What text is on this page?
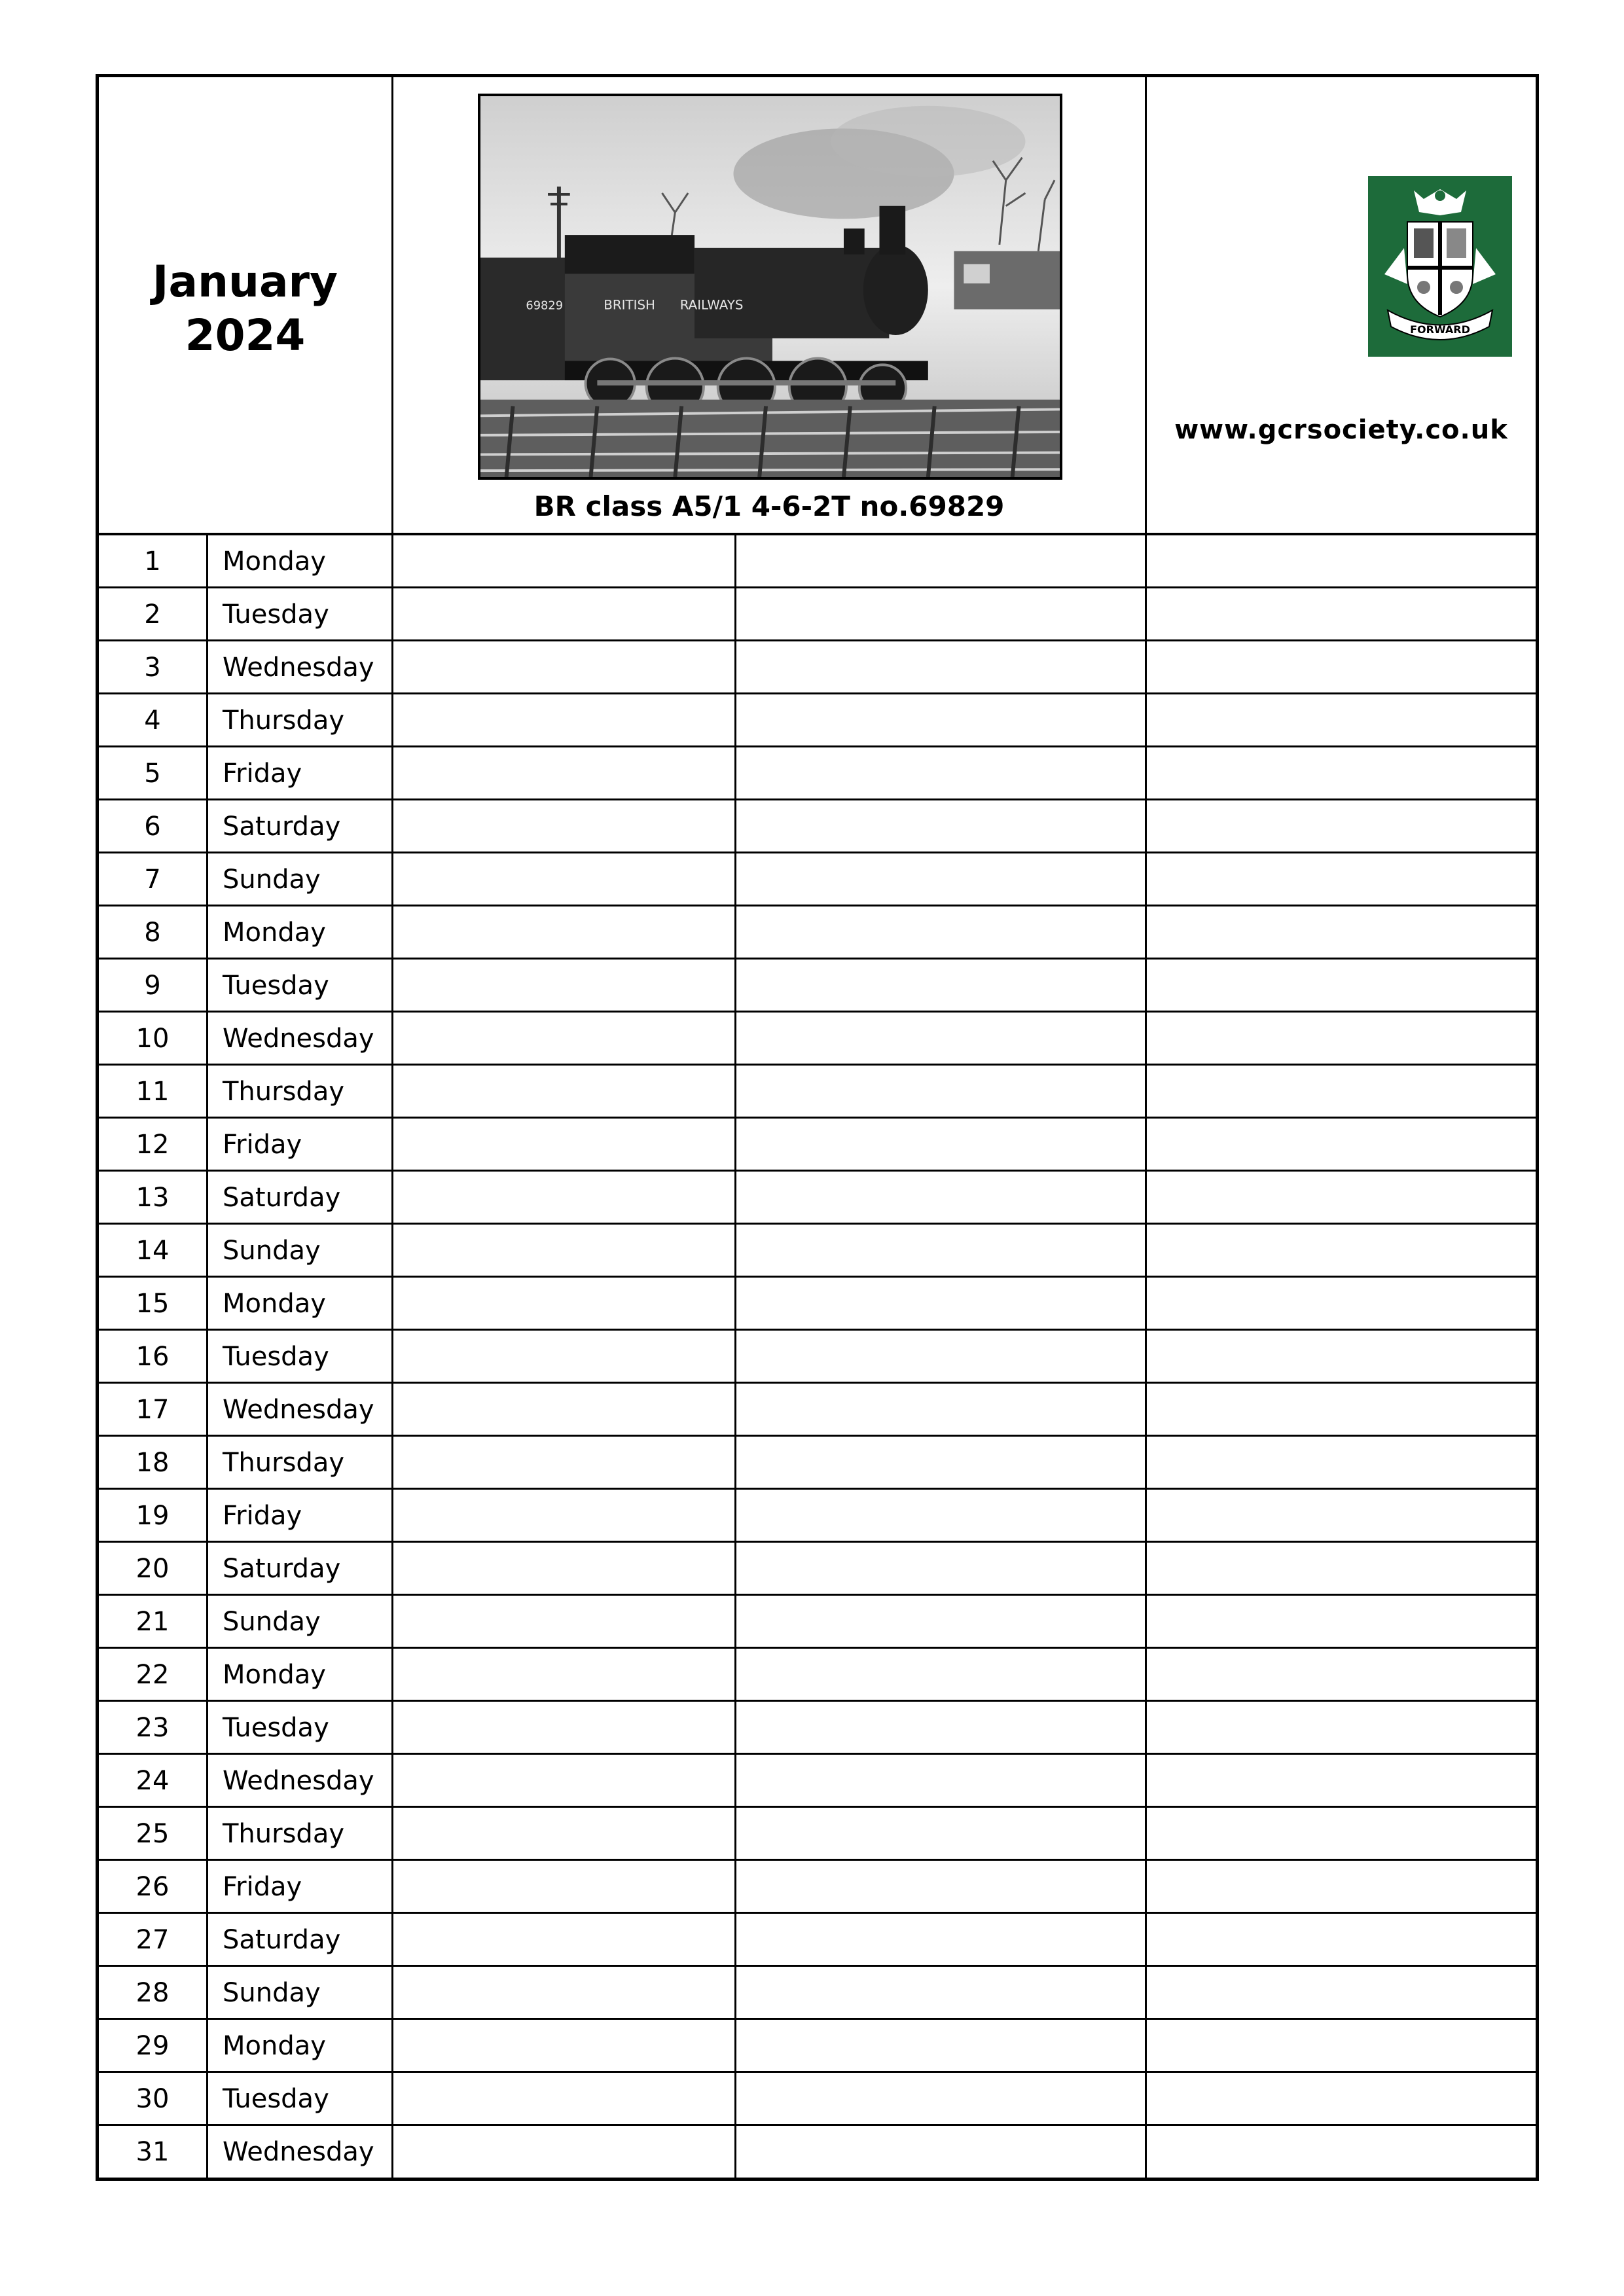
January
2024
69829	BRITISH      RAILWAYS
BR class A5/1 4-6-2T no.69829
FORWARD
www.gcrsociety.co.uk
1	Monday
2	Tuesday
3	Wednesday
4	Thursday
5	Friday
6	Saturday
7	Sunday
8	Monday
9	Tuesday
10	Wednesday
11	Thursday
12	Friday
13	Saturday
14	Sunday
15	Monday
16	Tuesday
17	Wednesday
18	Thursday
19	Friday
20	Saturday
21	Sunday
22	Monday
23	Tuesday
24	Wednesday
25	Thursday
26	Friday
27	Saturday
28	Sunday
29	Monday
30	Tuesday
31	Wednesday
